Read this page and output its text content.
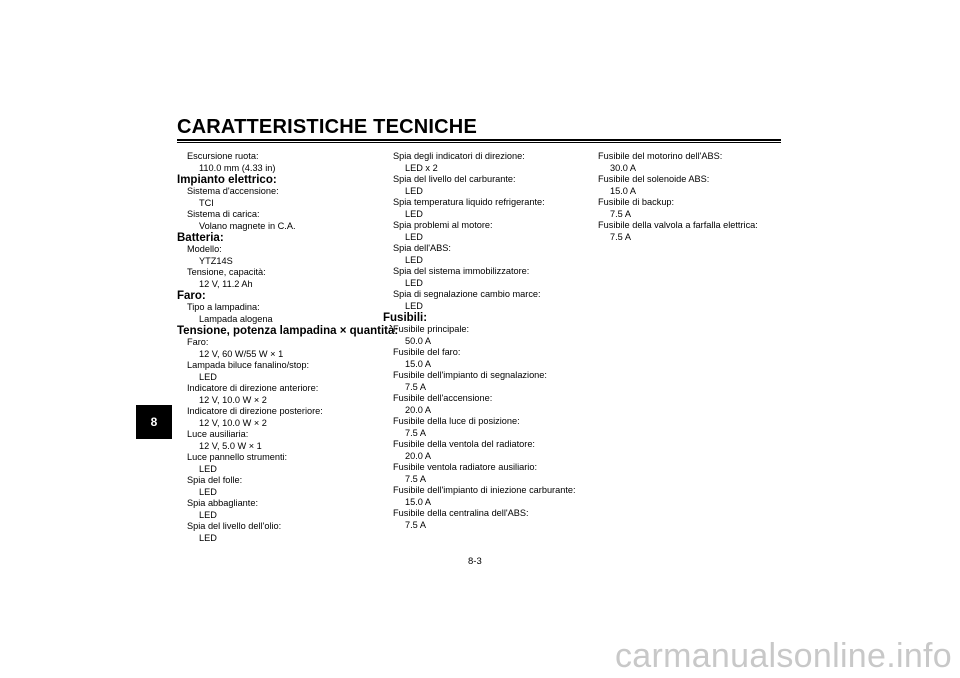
CARATTERISTICHE TECNICHE
8
Escursione ruota:
110.0 mm (4.33 in)
Impianto elettrico:
Sistema d'accensione:
TCI
Sistema di carica:
Volano magnete in C.A.
Batteria:
Modello:
YTZ14S
Tensione, capacità:
12 V, 11.2 Ah
Faro:
Tipo a lampadina:
Lampada alogena
Tensione, potenza lampadina × quantità:
Faro:
12 V, 60 W/55 W × 1
Lampada biluce fanalino/stop:
LED
Indicatore di direzione anteriore:
12 V, 10.0 W × 2
Indicatore di direzione posteriore:
12 V, 10.0 W × 2
Luce ausiliaria:
12 V, 5.0 W × 1
Luce pannello strumenti:
LED
Spia del folle:
LED
Spia abbagliante:
LED
Spia del livello dell'olio:
LED
Spia degli indicatori di direzione:
LED x 2
Spia del livello del carburante:
LED
Spia temperatura liquido refrigerante:
LED
Spia problemi al motore:
LED
Spia dell'ABS:
LED
Spia del sistema immobilizzatore:
LED
Spia di segnalazione cambio marce:
LED
Fusibili:
Fusibile principale:
50.0 A
Fusibile del faro:
15.0 A
Fusibile dell'impianto di segnalazione:
7.5 A
Fusibile dell'accensione:
20.0 A
Fusibile della luce di posizione:
7.5 A
Fusibile della ventola del radiatore:
20.0 A
Fusibile ventola radiatore ausiliario:
7.5 A
Fusibile dell'impianto di iniezione carburante:
15.0 A
Fusibile della centralina dell'ABS:
7.5 A
Fusibile del motorino dell'ABS:
30.0 A
Fusibile del solenoide ABS:
15.0 A
Fusibile di backup:
7.5 A
Fusibile della valvola a farfalla elettrica:
7.5 A
8-3
carmanualsonline.info
